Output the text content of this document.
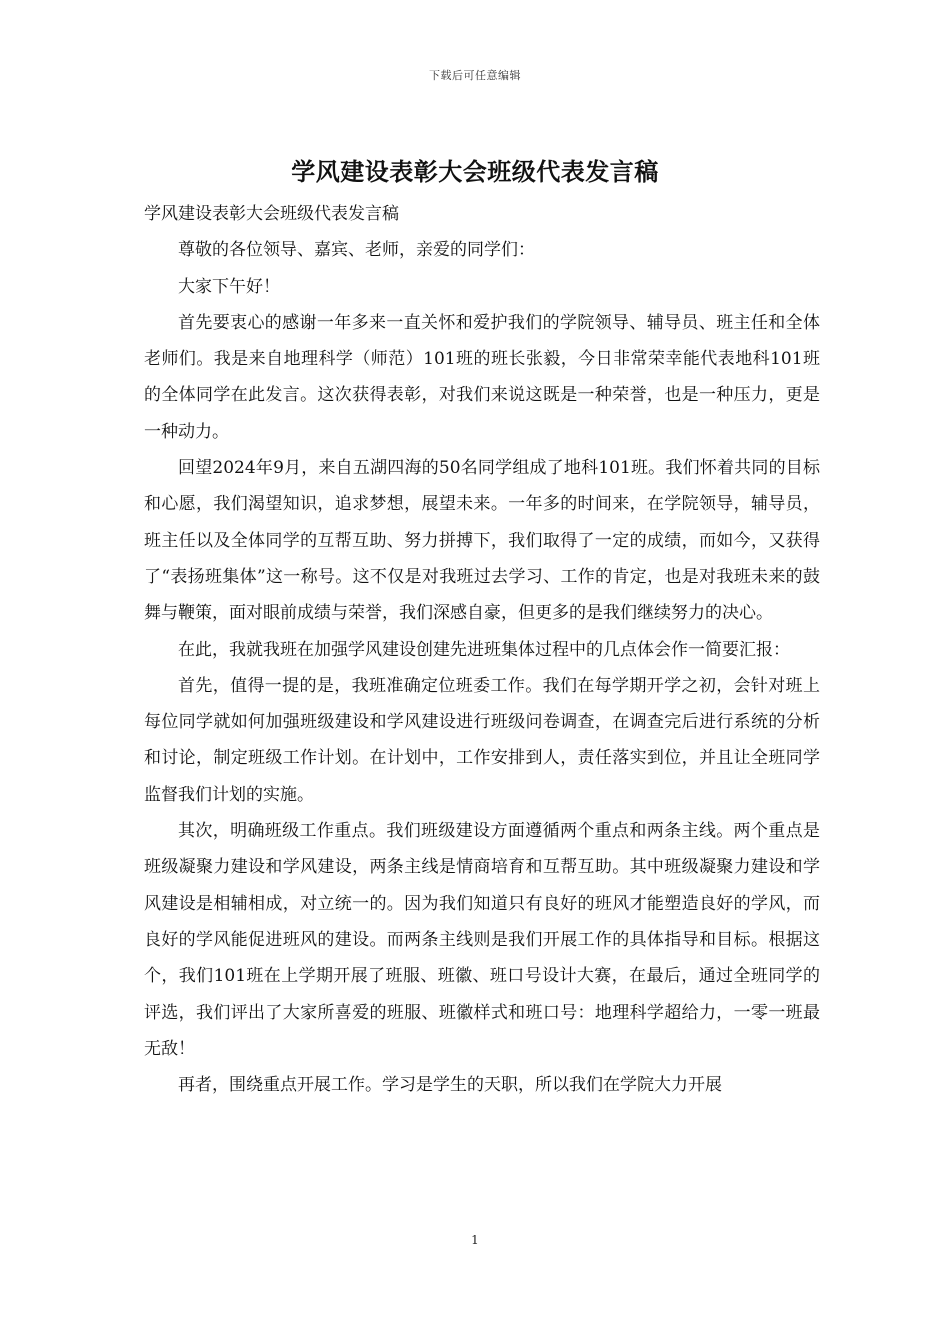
下载后可任意编辑
学风建设表彰大会班级代表发言稿

学风建设表彰大会班级代表发言稿

尊敬的各位领导、嘉宾、老师，亲爱的同学们：

大家下午好！

首先要衷心的感谢一年多来一直关怀和爱护我们的学院领导、辅导员、班主任和全体老师们。我是来自地理科学（师范）101班的班长张毅，今日非常荣幸能代表地科101班的全体同学在此发言。这次获得表彰，对我们来说这既是一种荣誉，也是一种压力，更是一种动力。

回望2024年9月，来自五湖四海的50名同学组成了地科101班。我们怀着共同的目标和心愿，我们渴望知识，追求梦想，展望未来。一年多的时间来，在学院领导，辅导员，班主任以及全体同学的互帮互助、努力拼搏下，我们取得了一定的成绩，而如今，又获得了“表扬班集体”这一称号。这不仅是对我班过去学习、工作的肯定，也是对我班未来的鼓舞与鞭策，面对眼前成绩与荣誉，我们深感自豪，但更多的是我们继续努力的决心。

在此，我就我班在加强学风建设创建先进班集体过程中的几点体会作一简要汇报：

首先，值得一提的是，我班准确定位班委工作。我们在每学期开学之初，会针对班上每位同学就如何加强班级建设和学风建设进行班级问卷调查，在调查完后进行系统的分析和讨论，制定班级工作计划。在计划中，工作安排到人，责任落实到位，并且让全班同学监督我们计划的实施。

其次，明确班级工作重点。我们班级建设方面遵循两个重点和两条主线。两个重点是班级凝聚力建设和学风建设，两条主线是情商培育和互帮互助。其中班级凝聚力建设和学风建设是相辅相成，对立统一的。因为我们知道只有良好的班风才能塑造良好的学风，而良好的学风能促进班风的建设。而两条主线则是我们开展工作的具体指导和目标。根据这个，我们101班在上学期开展了班服、班徽、班口号设计大赛，在最后，通过全班同学的评选，我们评出了大家所喜爱的班服、班徽样式和班口号：地理科学超给力，一零一班最无敌！

再者，围绕重点开展工作。学习是学生的天职，所以我们在学院大力开展

1
